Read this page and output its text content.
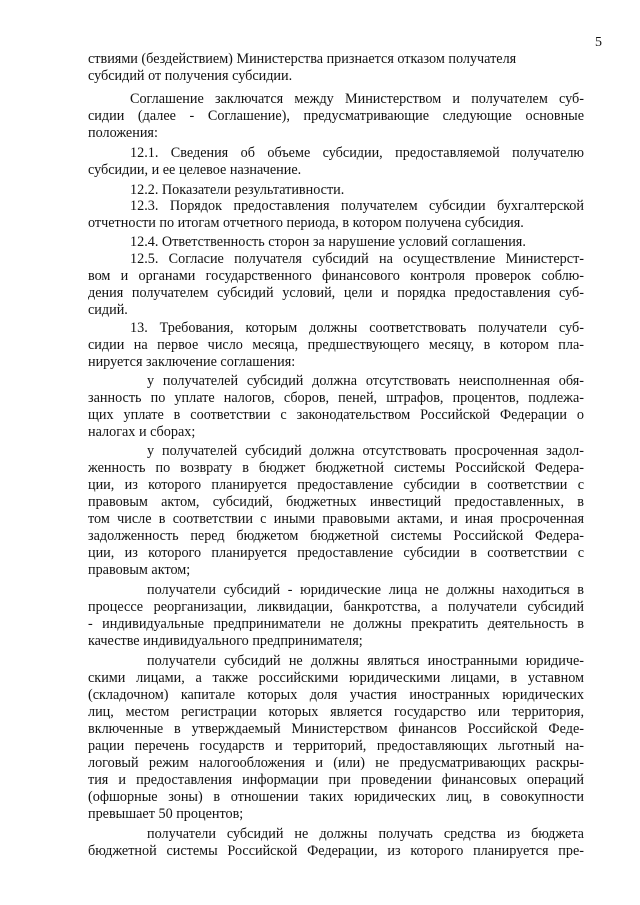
5
ствиями (бездействием) Министерства признается отказом получателя
субсидий от получения субсидии.
Соглашение заключатся между Министерством и получателем суб-
сидии (далее - Соглашение), предусматривающие следующие основные
положения:
12.1. Сведения об объеме субсидии, предоставляемой получателю
субсидии, и ее целевое назначение.
12.2. Показатели результативности.
12.3. Порядок предоставления получателем субсидии бухгалтерской
отчетности по итогам отчетного периода, в котором получена субсидия.
12.4. Ответственность сторон за нарушение условий соглашения.
12.5. Согласие получателя субсидий на осуществление Министерст-
вом и органами государственного финансового контроля проверок соблю-
дения получателем субсидий условий, цели и порядка предоставления суб-
сидий.
13. Требования, которым должны соответствовать получатели суб-
сидии на первое число месяца, предшествующего месяцу, в котором пла-
нируется заключение соглашения:
у получателей субсидий должна отсутствовать неисполненная обя-
занность по уплате налогов, сборов, пеней, штрафов, процентов, подлежа-
щих уплате в соответствии с законодательством Российской Федерации о
налогах и сборах;
у получателей субсидий должна отсутствовать просроченная задол-
женность по возврату в бюджет бюджетной системы Российской Федера-
ции, из которого планируется предоставление субсидии в соответствии с
правовым актом, субсидий, бюджетных инвестиций предоставленных, в
том числе в соответствии с иными правовыми актами, и иная просроченная
задолженность перед бюджетом бюджетной системы Российской Федера-
ции, из которого планируется предоставление субсидии в соответствии с
правовым актом;
получатели субсидий - юридические лица не должны находиться в
процессе реорганизации, ликвидации, банкротства, а получатели субсидий
- индивидуальные предприниматели не должны прекратить деятельность в
качестве индивидуального предпринимателя;
получатели субсидий не должны являться иностранными юридиче-
скими лицами, а также российскими юридическими лицами, в уставном
(складочном) капитале которых доля участия иностранных юридических
лиц, местом регистрации которых является государство или территория,
включенные в утверждаемый Министерством финансов Российской Феде-
рации перечень государств и территорий, предоставляющих льготный на-
логовый режим налогообложения и (или) не предусматривающих раскры-
тия и предоставления информации при проведении финансовых операций
(офшорные зоны) в отношении таких юридических лиц, в совокупности
превышает 50 процентов;
получатели субсидий не должны получать средства из бюджета
бюджетной системы Российской Федерации, из которого планируется пре-
